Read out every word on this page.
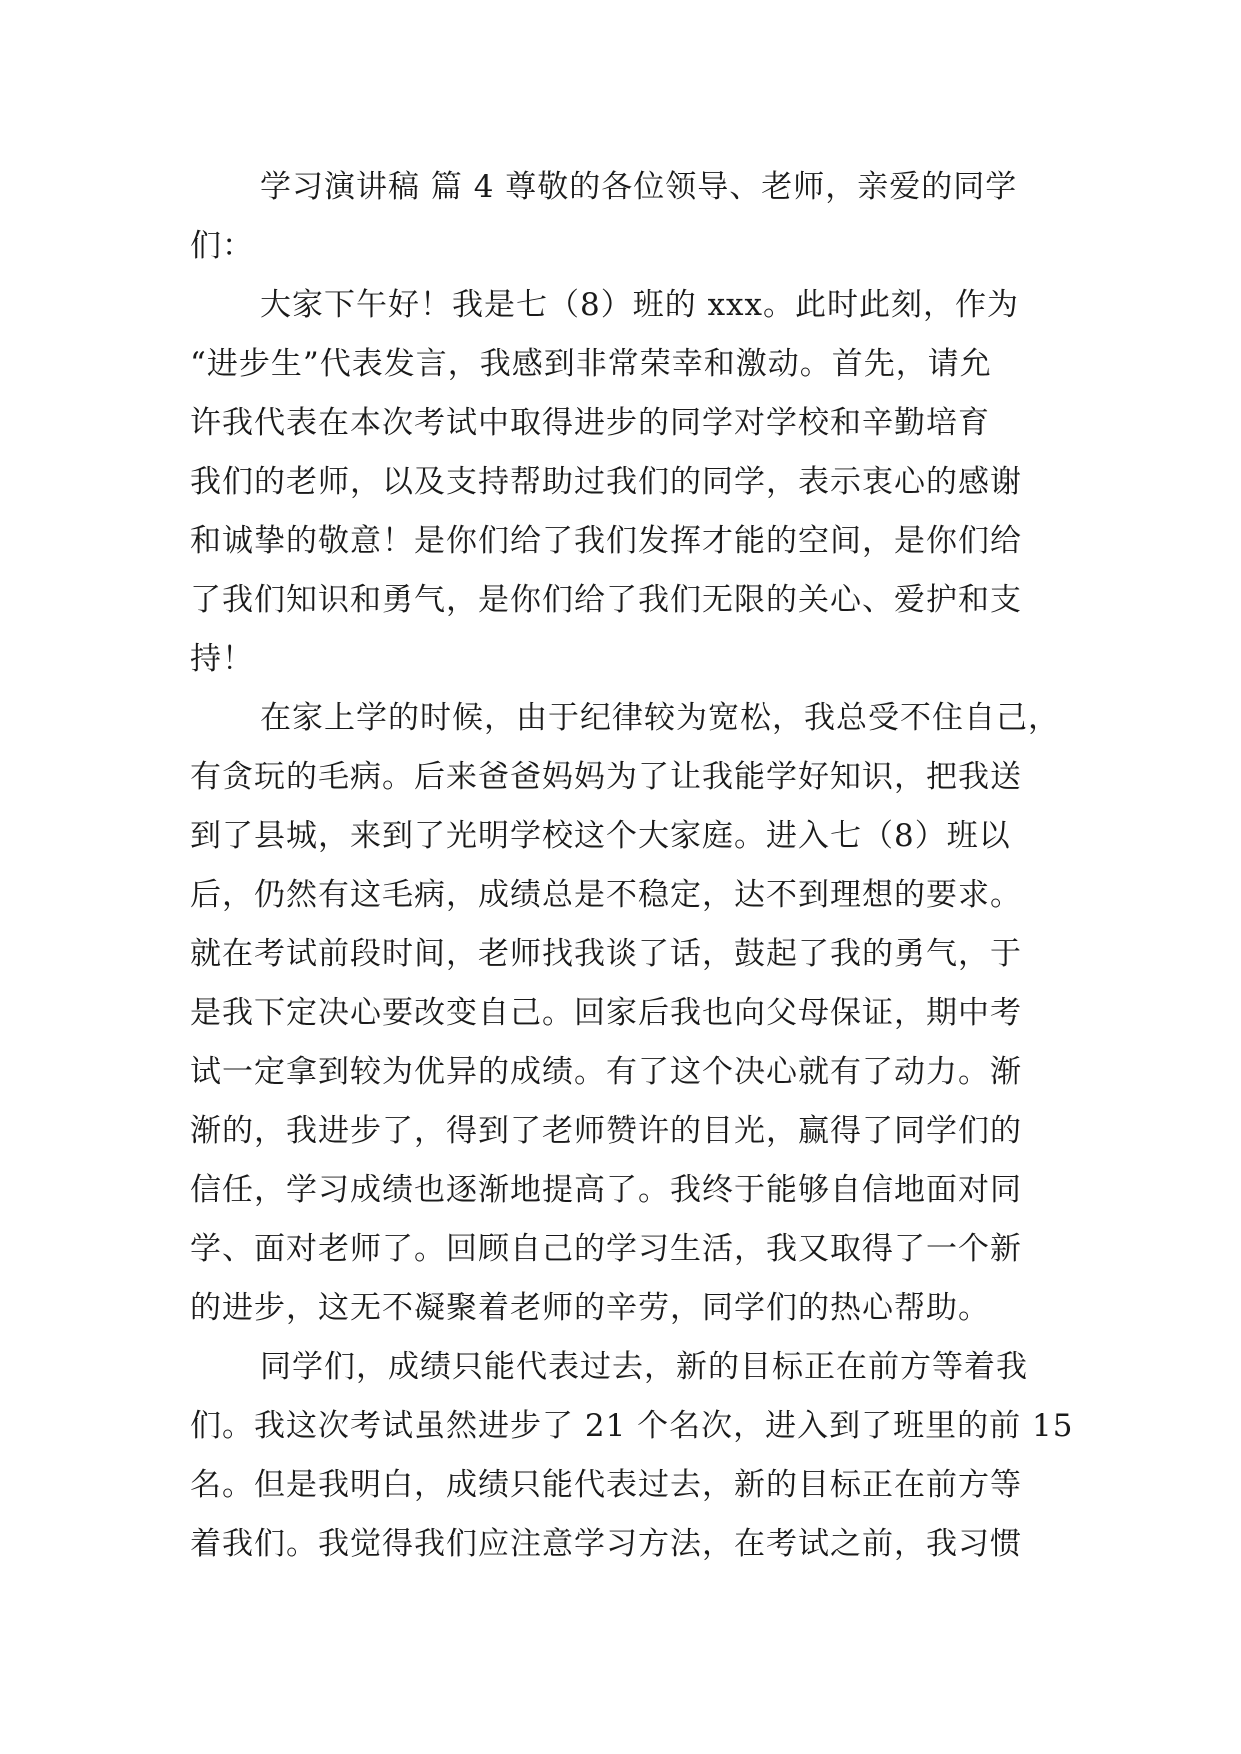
学习演讲稿 篇 4 尊敬的各位领导、老师，亲爱的同学
们：
大家下午好！我是七（8）班的 xxx。此时此刻，作为
“进步生”代表发言，我感到非常荣幸和激动。首先，请允
许我代表在本次考试中取得进步的同学对学校和辛勤培育
我们的老师，以及支持帮助过我们的同学，表示衷心的感谢
和诚挚的敬意！是你们给了我们发挥才能的空间，是你们给
了我们知识和勇气，是你们给了我们无限的关心、爱护和支
持！
在家上学的时候，由于纪律较为宽松，我总受不住自己，
有贪玩的毛病。后来爸爸妈妈为了让我能学好知识，把我送
到了县城，来到了光明学校这个大家庭。进入七（8）班以
后，仍然有这毛病，成绩总是不稳定，达不到理想的要求。
就在考试前段时间，老师找我谈了话，鼓起了我的勇气，于
是我下定决心要改变自己。回家后我也向父母保证，期中考
试一定拿到较为优异的成绩。有了这个决心就有了动力。渐
渐的，我进步了，得到了老师赞许的目光，赢得了同学们的
信任，学习成绩也逐渐地提高了。我终于能够自信地面对同
学、面对老师了。回顾自己的学习生活，我又取得了一个新
的进步，这无不凝聚着老师的辛劳，同学们的热心帮助。
同学们，成绩只能代表过去，新的目标正在前方等着我
们。我这次考试虽然进步了 21 个名次，进入到了班里的前 15
名。但是我明白，成绩只能代表过去，新的目标正在前方等
着我们。我觉得我们应注意学习方法，在考试之前，我习惯
